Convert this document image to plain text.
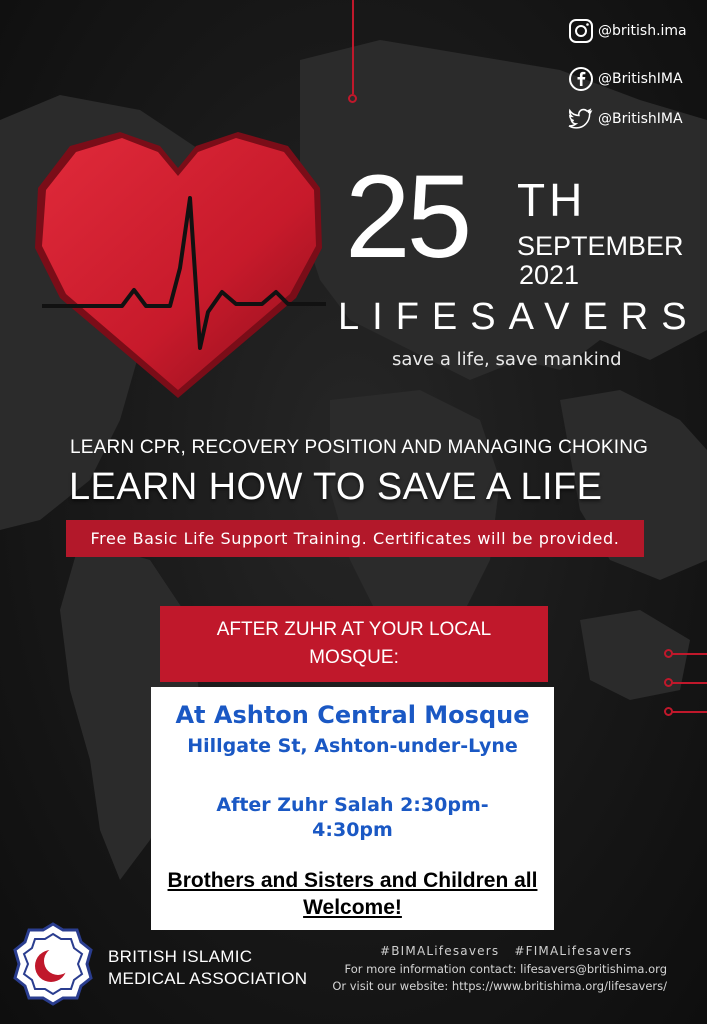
@british.ima
@BritishIMA
@BritishIMA
25 TH
SEPTEMBER
2021
LIFESAVERS
save a life, save mankind
LEARN CPR, RECOVERY POSITION AND MANAGING CHOKING
LEARN HOW TO SAVE A LIFE
Free Basic Life Support Training. Certificates will be provided.
AFTER ZUHR AT YOUR LOCAL MOSQUE:
At Ashton Central Mosque
Hillgate St, Ashton-under-Lyne
After Zuhr Salah 2:30pm-4:30pm
Brothers and Sisters and Children all Welcome!
BRITISH ISLAMIC
MEDICAL ASSOCIATION
#BIMALifesavers   #FIMALifesavers
For more information contact: lifesavers@britishima.org
Or visit our website: https://www.britishima.org/lifesavers/
